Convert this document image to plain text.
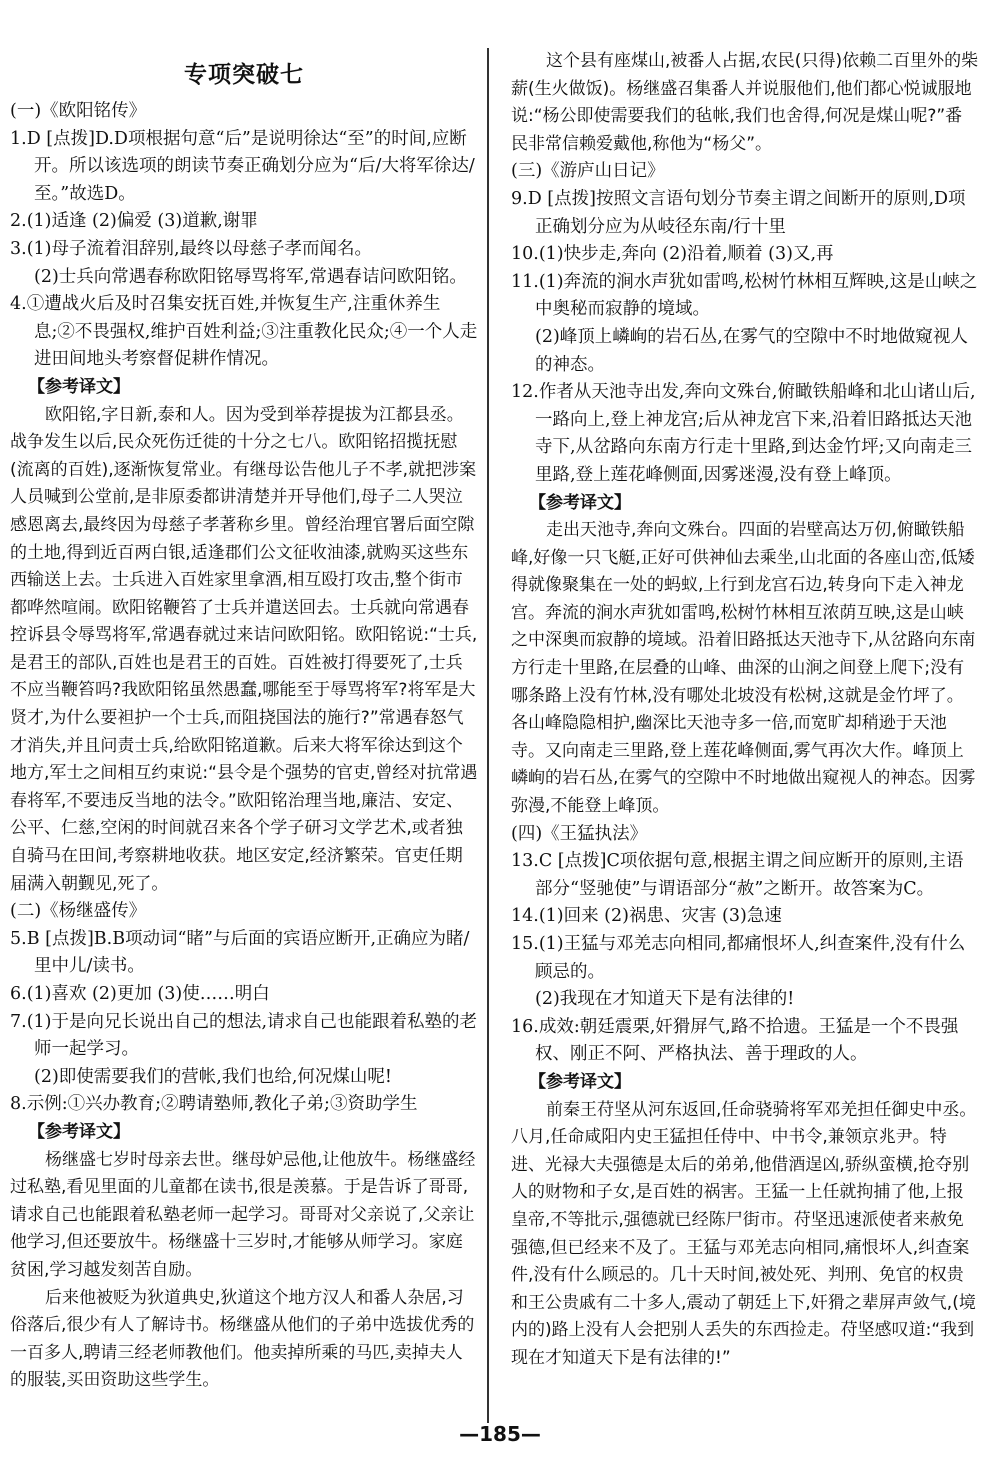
专项突破七

(一)《欧阳铭传》

1.D [点拨]D.D项根据句意“后”是说明徐达“至”的时间,应断开。所以该选项的朗读节奏正确划分应为“后/大将军徐达/至。”故选D。

2.(1)适逢 (2)偏爱 (3)道歉,谢罪

3.(1)母子流着泪辞别,最终以母慈子孝而闻名。

(2)士兵向常遇春称欧阳铭辱骂将军,常遇春诘问欧阳铭。

4.①遭战火后及时召集安抚百姓,并恢复生产,注重休养生息;②不畏强权,维护百姓利益;③注重教化民众;④一个人走进田间地头考察督促耕作情况。

【参考译文】

欧阳铭,字日新,泰和人。因为受到举荐提拔为江都县丞。战争发生以后,民众死伤迁徙的十分之七八。欧阳铭招揽抚慰(流离的百姓),逐渐恢复常业。有继母讼告他儿子不孝,就把涉案人员喊到公堂前,是非原委都讲清楚并开导他们,母子二人哭泣感恩离去,最终因为母慈子孝著称乡里。曾经治理官署后面空隙的土地,得到近百两白银,适逢郡们公文征收油漆,就购买这些东西输送上去。士兵进入百姓家里拿酒,相互殴打攻击,整个街市都哗然喧闹。欧阳铭鞭笞了士兵并遣送回去。士兵就向常遇春控诉县令辱骂将军,常遇春就过来诘问欧阳铭。欧阳铭说:“士兵,是君王的部队,百姓也是君王的百姓。百姓被打得要死了,士兵不应当鞭笞吗?我欧阳铭虽然愚蠢,哪能至于辱骂将军?将军是大贤才,为什么要袒护一个士兵,而阻挠国法的施行?”常遇春怒气才消失,并且问责士兵,给欧阳铭道歉。后来大将军徐达到这个地方,军士之间相互约束说:“县令是个强势的官吏,曾经对抗常遇春将军,不要违反当地的法令。”欧阳铭治理当地,廉洁、安定、公平、仁慈,空闲的时间就召来各个学子研习文学艺术,或者独自骑马在田间,考察耕地收获。地区安定,经济繁荣。官吏任期届满入朝觐见,死了。

(二)《杨继盛传》

5.B [点拨]B.B项动词“睹”与后面的宾语应断开,正确应为睹/里中儿/读书。

6.(1)喜欢 (2)更加 (3)使……明白

7.(1)于是向兄长说出自己的想法,请求自己也能跟着私塾的老师一起学习。

(2)即使需要我们的营帐,我们也给,何况煤山呢!

8.示例:①兴办教育;②聘请塾师,教化子弟;③资助学生

【参考译文】

杨继盛七岁时母亲去世。继母妒忌他,让他放牛。杨继盛经过私塾,看见里面的儿童都在读书,很是羡慕。于是告诉了哥哥,请求自己也能跟着私塾老师一起学习。哥哥对父亲说了,父亲让他学习,但还要放牛。杨继盛十三岁时,才能够从师学习。家庭贫困,学习越发刻苦自励。

后来他被贬为狄道典史,狄道这个地方汉人和番人杂居,习俗落后,很少有人了解诗书。杨继盛从他们的子弟中选拔优秀的一百多人,聘请三经老师教他们。他卖掉所乘的马匹,卖掉夫人的服装,买田资助这些学生。

这个县有座煤山,被番人占据,农民(只得)依赖二百里外的柴薪(生火做饭)。杨继盛召集番人并说服他们,他们都心悦诚服地说:“杨公即使需要我们的毡帐,我们也舍得,何况是煤山呢?”番民非常信赖爱戴他,称他为“杨父”。

(三)《游庐山日记》

9.D [点拨]按照文言语句划分节奏主谓之间断开的原则,D项正确划分应为从岐径东南/行十里

10.(1)快步走,奔向 (2)沿着,顺着 (3)又,再

11.(1)奔流的涧水声犹如雷鸣,松树竹林相互辉映,这是山峡之中奥秘而寂静的境域。

(2)峰顶上嶙峋的岩石丛,在雾气的空隙中不时地做窥视人的神态。

12.作者从天池寺出发,奔向文殊台,俯瞰铁船峰和北山诸山后,一路向上,登上神龙宫;后从神龙宫下来,沿着旧路抵达天池寺下,从岔路向东南方行走十里路,到达金竹坪;又向南走三里路,登上莲花峰侧面,因雾迷漫,没有登上峰顶。

【参考译文】

走出天池寺,奔向文殊台。四面的岩壁高达万仞,俯瞰铁船峰,好像一只飞艇,正好可供神仙去乘坐,山北面的各座山峦,低矮得就像聚集在一处的蚂蚁,上行到龙宫石边,转身向下走入神龙宫。奔流的涧水声犹如雷鸣,松树竹林相互浓荫互映,这是山峡之中深奥而寂静的境域。沿着旧路抵达天池寺下,从岔路向东南方行走十里路,在层叠的山峰、曲深的山涧之间登上爬下;没有哪条路上没有竹林,没有哪处北坡没有松树,这就是金竹坪了。各山峰隐隐相护,幽深比天池寺多一倍,而宽旷却稍逊于天池寺。又向南走三里路,登上莲花峰侧面,雾气再次大作。峰顶上嶙峋的岩石丛,在雾气的空隙中不时地做出窥视人的神态。因雾弥漫,不能登上峰顶。

(四)《王猛执法》

13.C [点拨]C项依据句意,根据主谓之间应断开的原则,主语部分“竖驰使”与谓语部分“赦”之断开。故答案为C。

14.(1)回来 (2)祸患、灾害 (3)急速

15.(1)王猛与邓羌志向相同,都痛恨坏人,纠查案件,没有什么顾忌的。

(2)我现在才知道天下是有法律的!

16.成效:朝廷震栗,奸猾屏气,路不拾遗。王猛是一个不畏强权、刚正不阿、严格执法、善于理政的人。

【参考译文】

前秦王苻坚从河东返回,任命骁骑将军邓羌担任御史中丞。八月,任命咸阳内史王猛担任侍中、中书令,兼领京兆尹。特进、光禄大夫强德是太后的弟弟,他借酒逞凶,骄纵蛮横,抢夺别人的财物和子女,是百姓的祸害。王猛一上任就拘捕了他,上报皇帝,不等批示,强德就已经陈尸街市。苻坚迅速派使者来赦免强德,但已经来不及了。王猛与邓羌志向相同,痛恨坏人,纠查案件,没有什么顾忌的。几十天时间,被处死、判刑、免官的权贵和王公贵戚有二十多人,震动了朝廷上下,奸猾之辈屏声敛气,(境内的)路上没有人会把别人丢失的东西捡走。苻坚感叹道:“我到现在才知道天下是有法律的!”

—185—
